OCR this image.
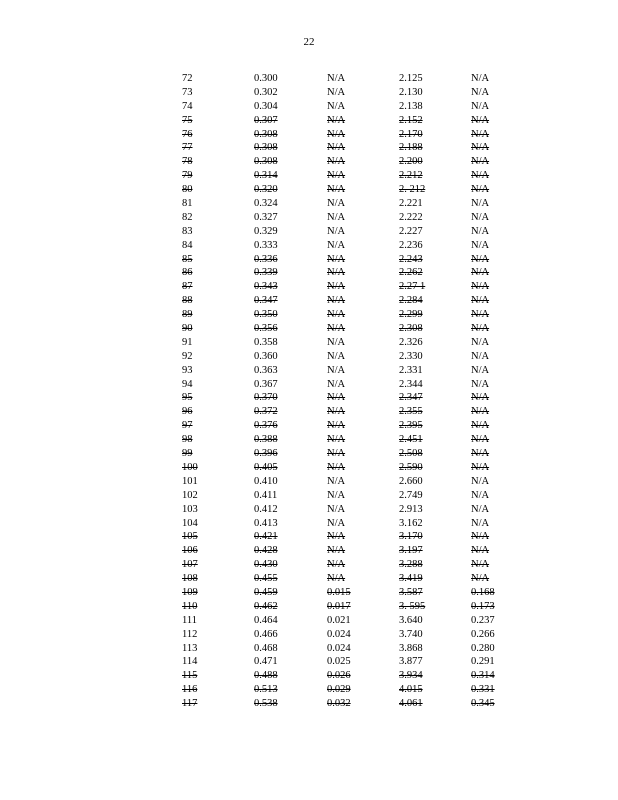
22
72	0.300	N/A	2.125	N/A
73	0.302	N/A	2.130	N/A
74	0.304	N/A	2.138	N/A
75	0.307	N/A	2.152	N/A
76	0.308	N/A	2.170	N/A
77	0.308	N/A	2.188	N/A
78	0.308	N/A	2.200	N/A
79	0.314	N/A	2.212	N/A
80	0.320	N/A	2. 212	N/A
81	0.324	N/A	2.221	N/A
82	0.327	N/A	2.222	N/A
83	0.329	N/A	2.227	N/A
84	0.333	N/A	2.236	N/A
85	0.336	N/A	2.243	N/A
86	0.339	N/A	2.262	N/A
87	0.343	N/A	2.27 1	N/A
88	0.347	N/A	2.284	N/A
89	0.350	N/A	2.299	N/A
90	0.356	N/A	2.308	N/A
91	0.358	N/A	2.326	N/A
92	0.360	N/A	2.330	N/A
93	0.363	N/A	2.331	N/A
94	0.367	N/A	2.344	N/A
95	0.370	N/A	2.347	N/A
96	0.372	N/A	2.355	N/A
97	0.376	N/A	2.395	N/A
98	0.388	N/A	2.451	N/A
99	0.396	N/A	2.508	N/A
100	0.405	N/A	2.590	N/A
101	0.410	N/A	2.660	N/A
102	0.411	N/A	2.749	N/A
103	0.412	N/A	2.913	N/A
104	0.413	N/A	3.162	N/A
105	0.421	N/A	3.170	N/A
106	0.428	N/A	3.197	N/A
107	0.430	N/A	3.288	N/A
108	0.455	N/A	3.419	N/A
109	0.459	0.015	3.587	0.168
110	0.462	0.017	3. 595	0.173
111	0.464	0.021	3.640	0.237
112	0.466	0.024	3.740	0.266
113	0.468	0.024	3.868	0.280
114	0.471	0.025	3.877	0.291
115	0.488	0.026	3.934	0.314
116	0.513	0.029	4.015	0.331
117	0.538	0.032	4.061	0.345
